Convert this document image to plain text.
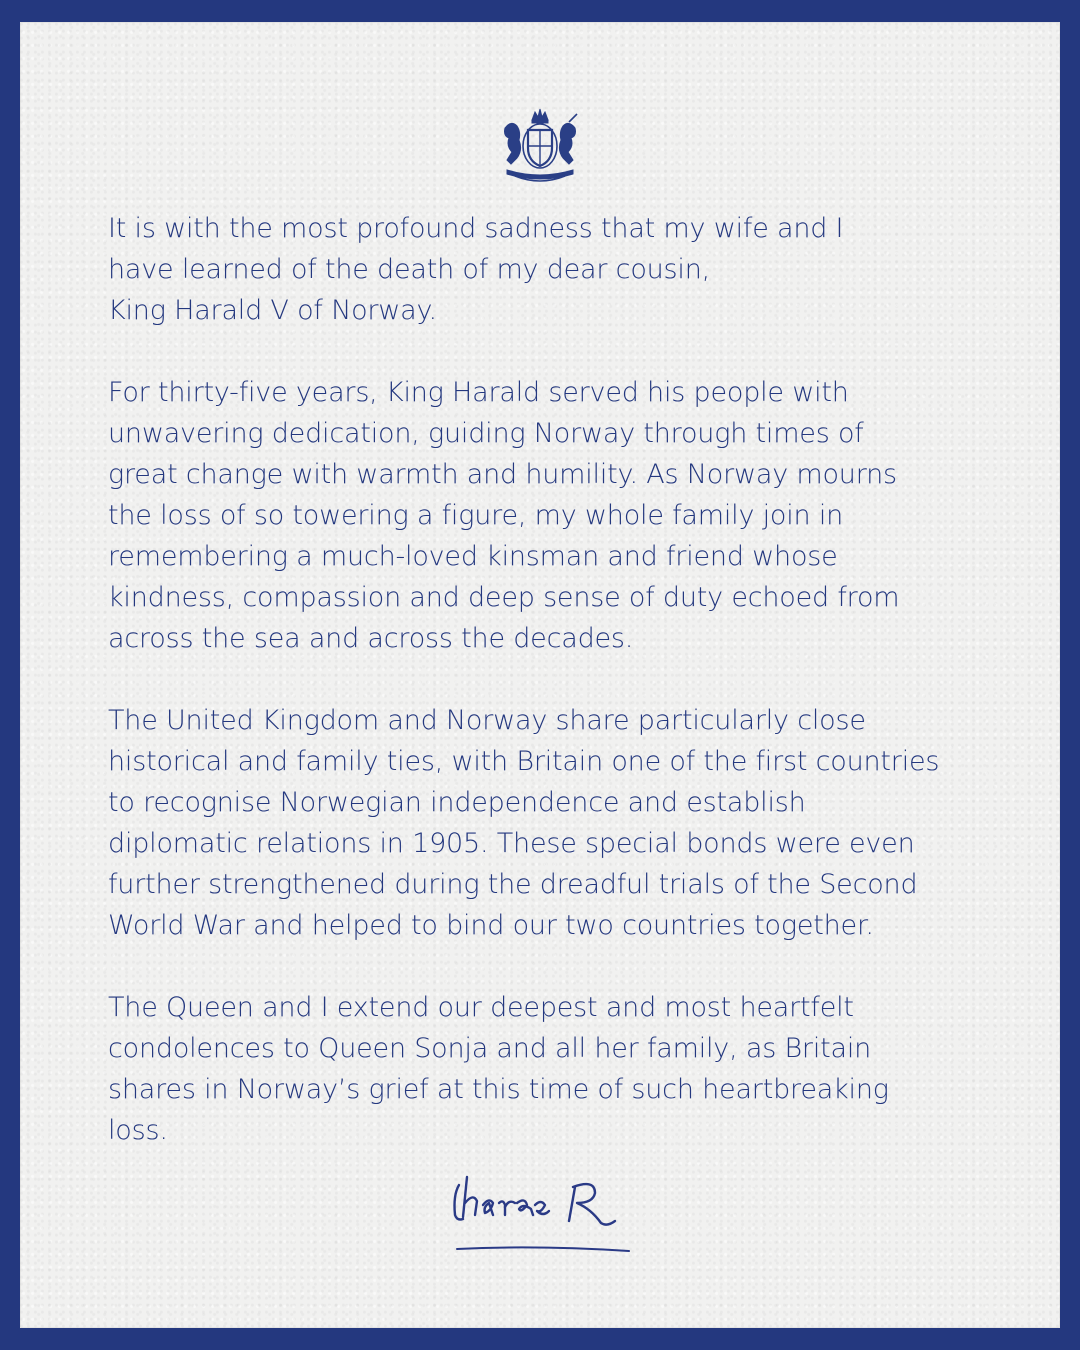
It is with the most profound sadness that my wife and I
have learned of the death of my dear cousin,
King Harald V of Norway.

For thirty-five years, King Harald served his people with
unwavering dedication, guiding Norway through times of
great change with warmth and humility. As Norway mourns
the loss of so towering a figure, my whole family join in
remembering a much-loved kinsman and friend whose
kindness, compassion and deep sense of duty echoed from
across the sea and across the decades.

The United Kingdom and Norway share particularly close
historical and family ties, with Britain one of the first countries
to recognise Norwegian independence and establish
diplomatic relations in 1905. These special bonds were even
further strengthened during the dreadful trials of the Second
World War and helped to bind our two countries together.

The Queen and I extend our deepest and most heartfelt
condolences to Queen Sonja and all her family, as Britain
shares in Norway’s grief at this time of such heartbreaking
loss.
